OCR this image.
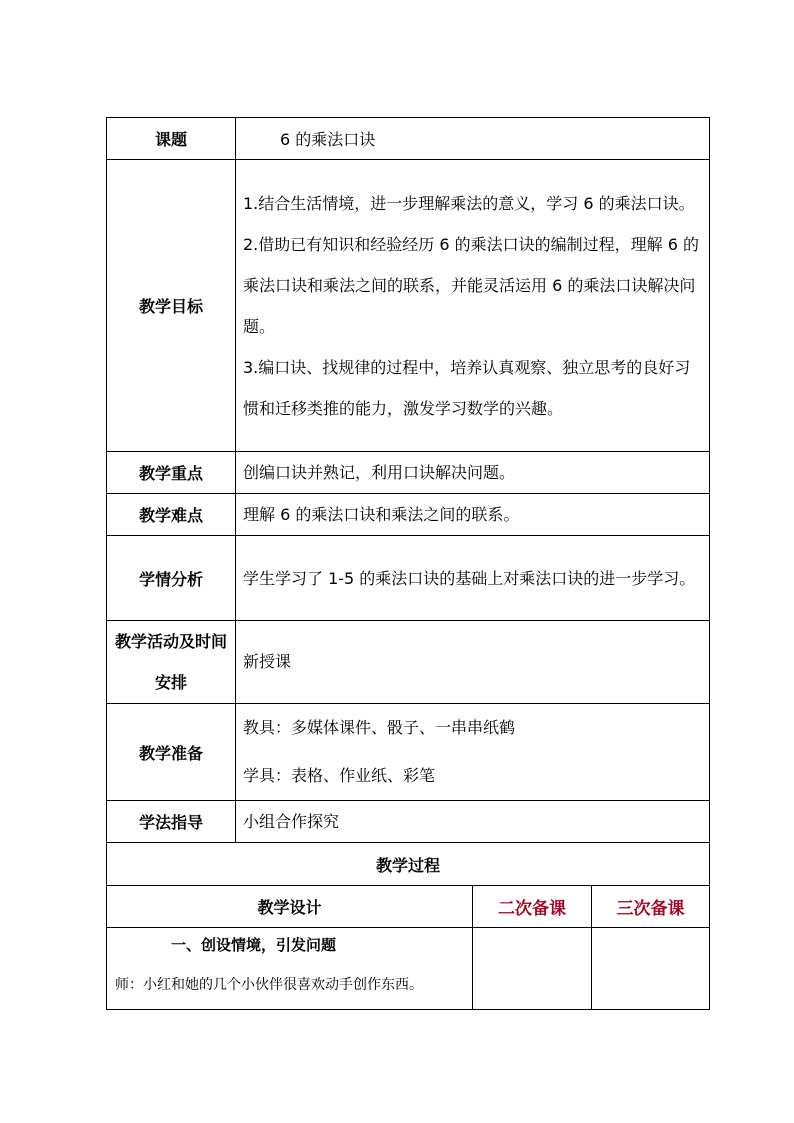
课题	6 的乘法口诀		
教学目标	1.结合生活情境，进一步理解乘法的意义，学习 6 的乘法口诀。
2.借助已有知识和经验经历 6 的乘法口诀的编制过程，理解 6 的乘法口诀和乘法之间的联系，并能灵活运用 6 的乘法口诀解决问题。
3.编口诀、找规律的过程中，培养认真观察、独立思考的良好习惯和迁移类推的能力，激发学习数学的兴趣。		

教学重点	创编口诀并熟记，利用口诀解决问题。		
教学难点	理解 6 的乘法口诀和乘法之间的联系。		
学情分析	学生学习了 1-5 的乘法口诀的基础上对乘法口诀的进一步学习。		
教学活动及时间安排	新授课		
教学准备	教具：多媒体课件、骰子、一串串纸鹤
学具：表格、作业纸、彩笔		

学法指导	小组合作探究		
教学过程			
教学设计		二次备课	三次备课

一、创设情境，引发问题
师：小红和她的几个小伙伴很喜欢动手创作东西。			
